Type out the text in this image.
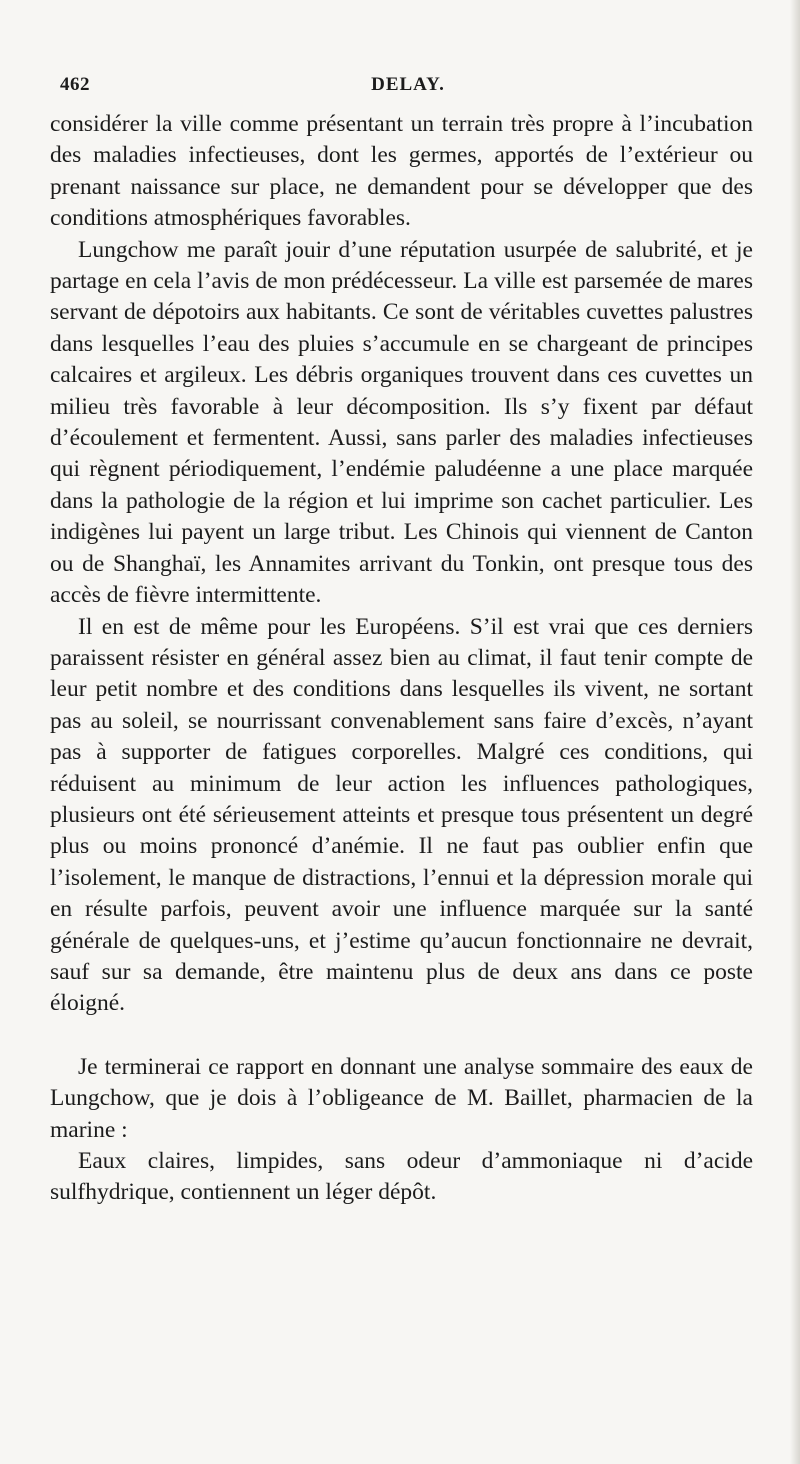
462	DELAY.

considérer la ville comme présentant un terrain très propre à l’incubation des maladies infectieuses, dont les germes, apportés de l’extérieur ou prenant naissance sur place, ne demandent pour se développer que des conditions atmosphériques favorables.

Lungchow me paraît jouir d’une réputation usurpée de salubrité, et je partage en cela l’avis de mon prédécesseur. La ville est parsemée de mares servant de dépotoirs aux habitants. Ce sont de véritables cuvettes palustres dans lesquelles l’eau des pluies s’accumule en se chargeant de principes calcaires et argileux. Les débris organiques trouvent dans ces cuvettes un milieu très favorable à leur décomposition. Ils s’y fixent par défaut d’écoulement et fermentent. Aussi, sans parler des maladies infectieuses qui règnent périodiquement, l’endémie paludéenne a une place marquée dans la pathologie de la région et lui imprime son cachet particulier. Les indigènes lui payent un large tribut. Les Chinois qui viennent de Canton ou de Shanghaï, les Annamites arrivant du Tonkin, ont presque tous des accès de fièvre intermittente.

Il en est de même pour les Européens. S’il est vrai que ces derniers paraissent résister en général assez bien au climat, il faut tenir compte de leur petit nombre et des conditions dans lesquelles ils vivent, ne sortant pas au soleil, se nourrissant convenablement sans faire d’excès, n’ayant pas à supporter de fatigues corporelles. Malgré ces conditions, qui réduisent au minimum de leur action les influences pathologiques, plusieurs ont été sérieusement atteints et presque tous présentent un degré plus ou moins prononcé d’anémie. Il ne faut pas oublier enfin que l’isolement, le manque de distractions, l’ennui et la dépression morale qui en résulte parfois, peuvent avoir une influence marquée sur la santé générale de quelques-uns, et j’estime qu’aucun fonctionnaire ne devrait, sauf sur sa demande, être maintenu plus de deux ans dans ce poste éloigné.

Je terminerai ce rapport en donnant une analyse sommaire des eaux de Lungchow, que je dois à l’obligeance de M. Baillet, pharmacien de la marine :

Eaux claires, limpides, sans odeur d’ammoniaque ni d’acide sulfhydrique, contiennent un léger dépôt.
